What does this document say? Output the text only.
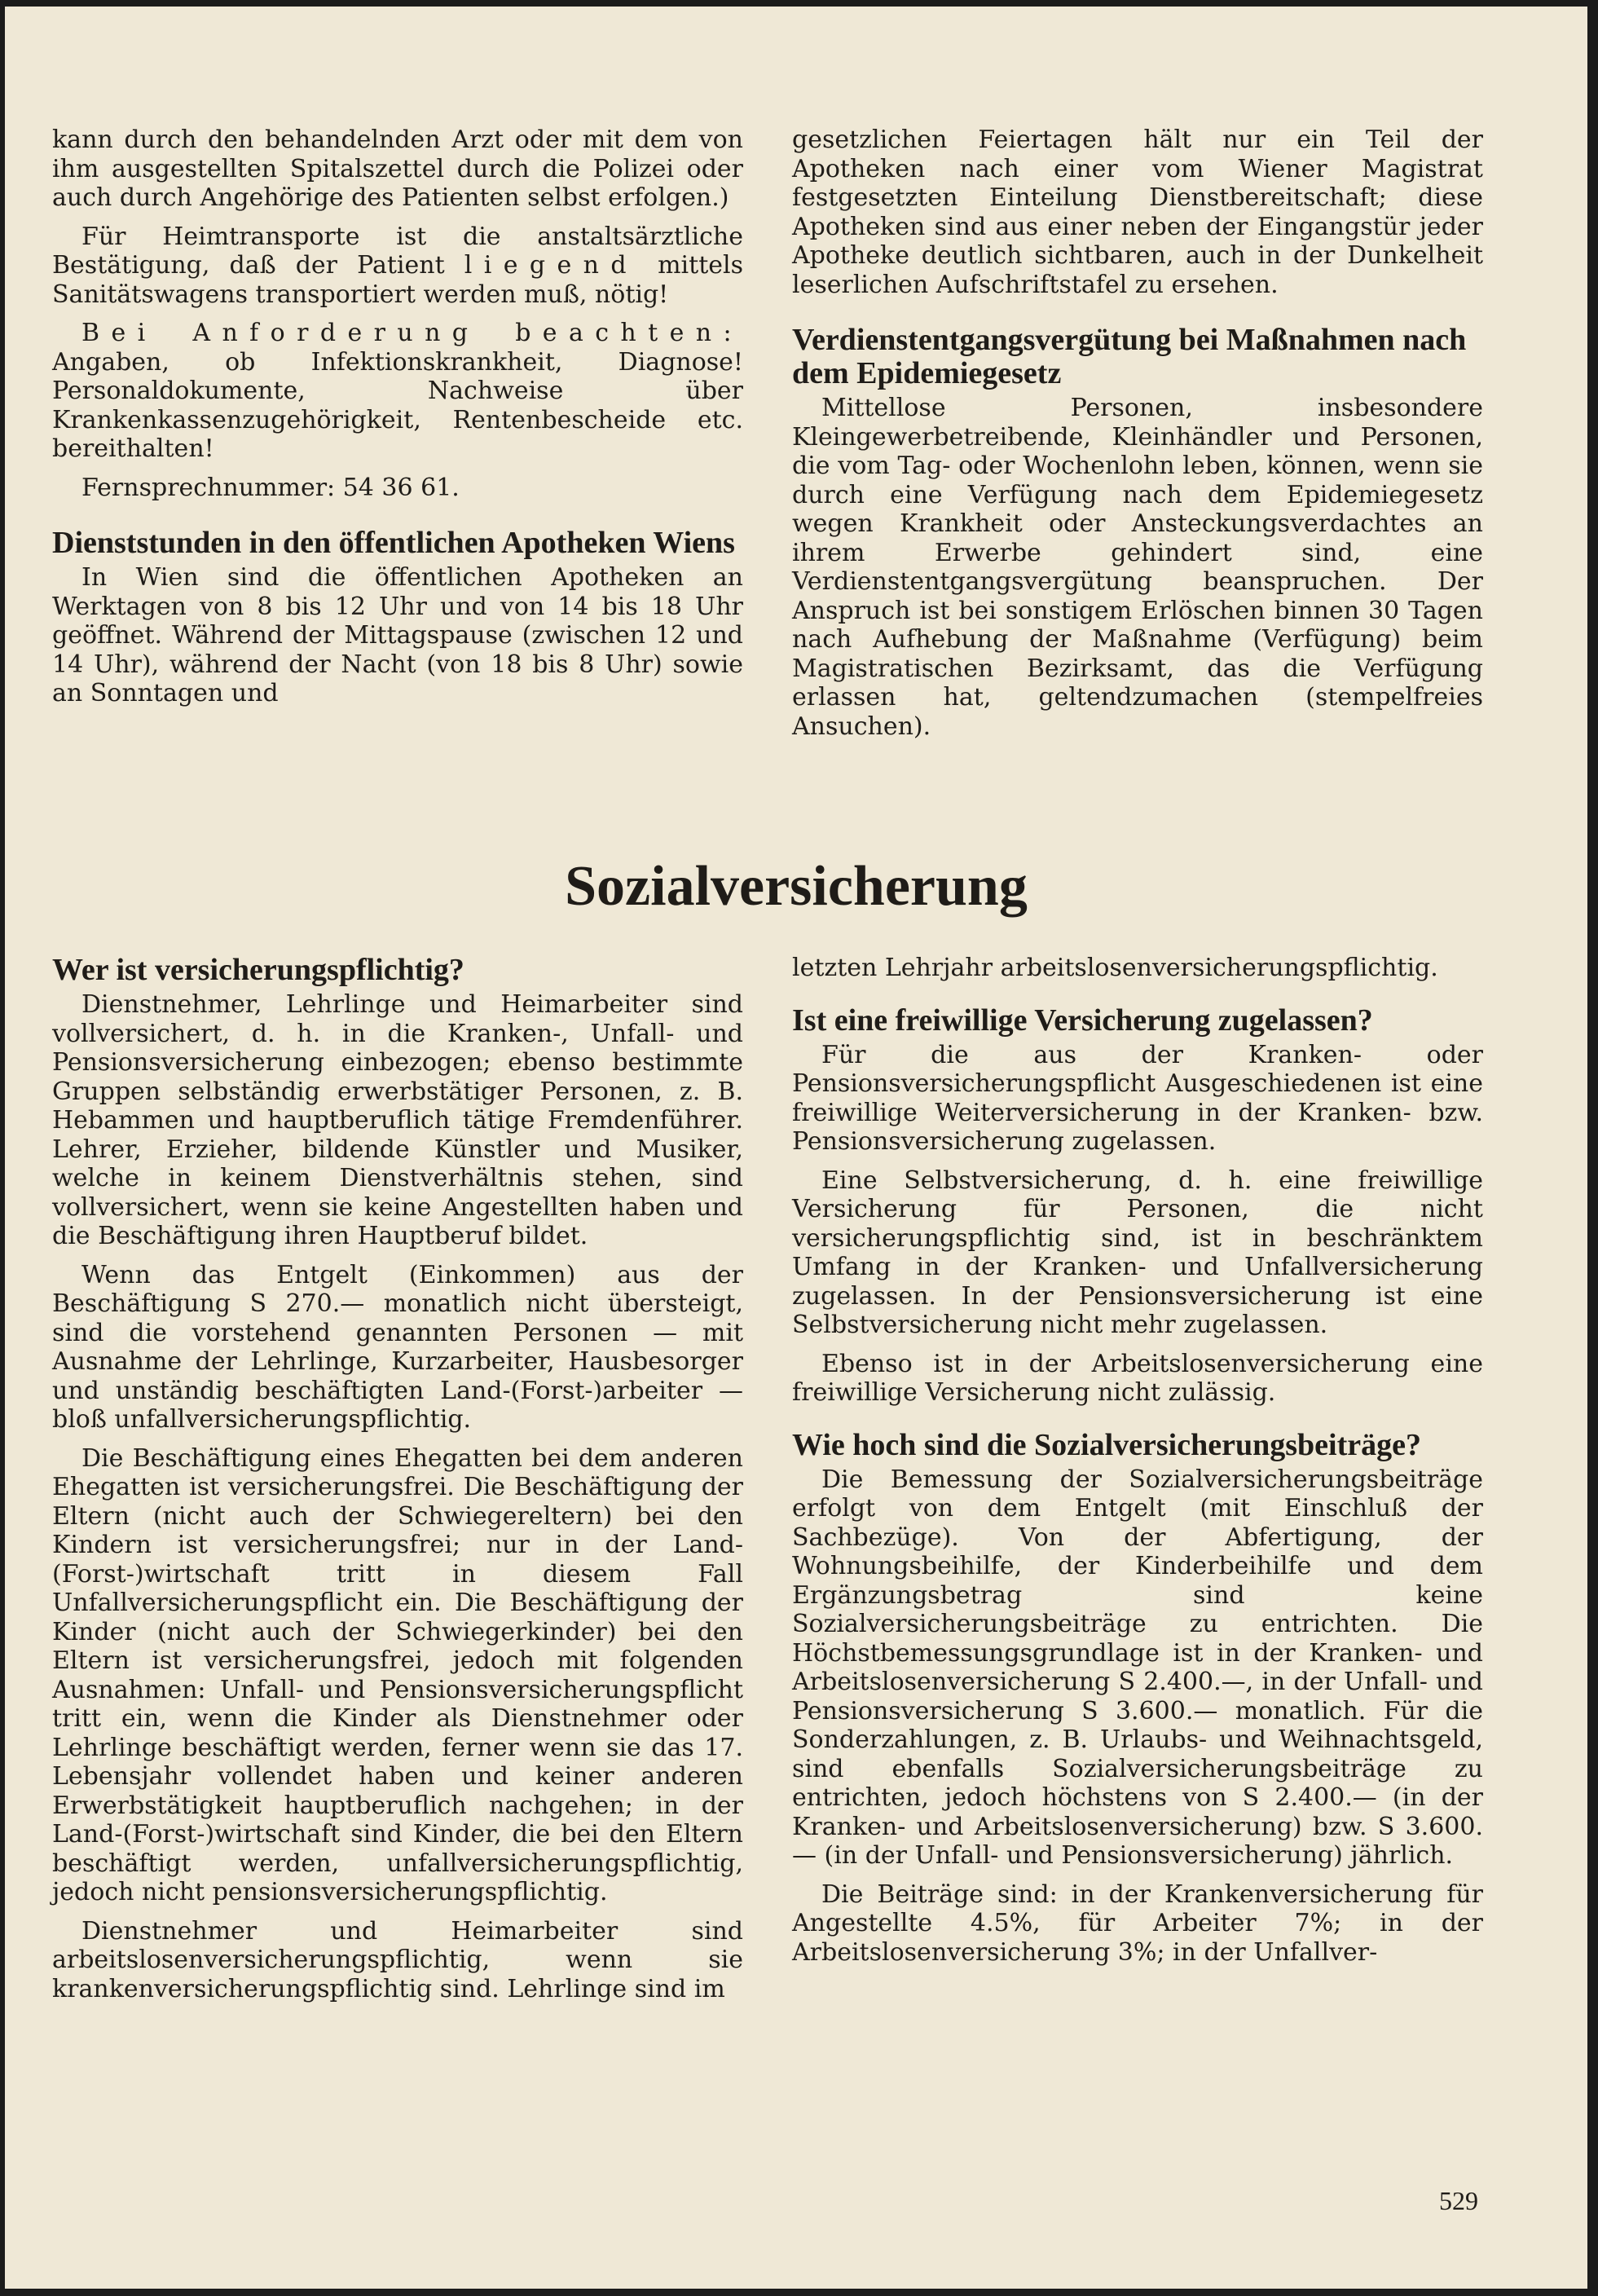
kann durch den behandelnden Arzt oder mit dem von ihm ausgestellten Spitalszettel durch die Polizei oder auch durch Angehörige des Patienten selbst erfolgen.)

Für Heimtransporte ist die anstaltsärztliche Bestätigung, daß der Patient liegend mittels Sanitätswagens transportiert werden muß, nötig!

Bei Anforderung beachten: Angaben, ob Infektionskrankheit, Diagnose! Personaldokumente, Nachweise über Krankenkassenzugehörigkeit, Rentenbescheide etc. bereithalten!

Fernsprechnummer: 54 36 61.

Dienststunden in den öffentlichen Apotheken Wiens

In Wien sind die öffentlichen Apotheken an Werktagen von 8 bis 12 Uhr und von 14 bis 18 Uhr geöffnet. Während der Mittagspause (zwischen 12 und 14 Uhr), während der Nacht (von 18 bis 8 Uhr) sowie an Sonntagen und

gesetzlichen Feiertagen hält nur ein Teil der Apotheken nach einer vom Wiener Magistrat festgesetzten Einteilung Dienstbereitschaft; diese Apotheken sind aus einer neben der Eingangstür jeder Apotheke deutlich sichtbaren, auch in der Dunkelheit leserlichen Aufschriftstafel zu ersehen.

Verdienstentgangsvergütung bei Maßnahmen nach dem Epidemiegesetz

Mittellose Personen, insbesondere Kleingewerbetreibende, Kleinhändler und Personen, die vom Tag- oder Wochenlohn leben, können, wenn sie durch eine Verfügung nach dem Epidemiegesetz wegen Krankheit oder Ansteckungsverdachtes an ihrem Erwerbe gehindert sind, eine Verdienstentgangsvergütung beanspruchen. Der Anspruch ist bei sonstigem Erlöschen binnen 30 Tagen nach Aufhebung der Maßnahme (Verfügung) beim Magistratischen Bezirksamt, das die Verfügung erlassen hat, geltendzumachen (stempelfreies Ansuchen).

Sozialversicherung
Wer ist versicherungspflichtig?

Dienstnehmer, Lehrlinge und Heimarbeiter sind vollversichert, d. h. in die Kranken-, Unfall- und Pensionsversicherung einbezogen; ebenso bestimmte Gruppen selbständig erwerbstätiger Personen, z. B. Hebammen und hauptberuflich tätige Fremdenführer. Lehrer, Erzieher, bildende Künstler und Musiker, welche in keinem Dienstverhältnis stehen, sind vollversichert, wenn sie keine Angestellten haben und die Beschäftigung ihren Hauptberuf bildet.

Wenn das Entgelt (Einkommen) aus der Beschäftigung S 270.— monatlich nicht übersteigt, sind die vorstehend genannten Personen — mit Ausnahme der Lehrlinge, Kurzarbeiter, Hausbesorger und unständig beschäftigten Land-(Forst-)arbeiter — bloß unfallversicherungspflichtig.

Die Beschäftigung eines Ehegatten bei dem anderen Ehegatten ist versicherungsfrei. Die Beschäftigung der Eltern (nicht auch der Schwiegereltern) bei den Kindern ist versicherungsfrei; nur in der Land-(Forst-)wirtschaft tritt in diesem Fall Unfallversicherungspflicht ein. Die Beschäftigung der Kinder (nicht auch der Schwiegerkinder) bei den Eltern ist versicherungsfrei, jedoch mit folgenden Ausnahmen: Unfall- und Pensionsversicherungspflicht tritt ein, wenn die Kinder als Dienstnehmer oder Lehrlinge beschäftigt werden, ferner wenn sie das 17. Lebensjahr vollendet haben und keiner anderen Erwerbstätigkeit hauptberuflich nachgehen; in der Land-(Forst-)wirtschaft sind Kinder, die bei den Eltern beschäftigt werden, unfallversicherungspflichtig, jedoch nicht pensionsversicherungspflichtig.

Dienstnehmer und Heimarbeiter sind arbeitslosenversicherungspflichtig, wenn sie krankenversicherungspflichtig sind. Lehrlinge sind im

letzten Lehrjahr arbeitslosenversicherungspflichtig.

Ist eine freiwillige Versicherung zugelassen?

Für die aus der Kranken- oder Pensionsversicherungspflicht Ausgeschiedenen ist eine freiwillige Weiterversicherung in der Kranken- bzw. Pensionsversicherung zugelassen.

Eine Selbstversicherung, d. h. eine freiwillige Versicherung für Personen, die nicht versicherungspflichtig sind, ist in beschränktem Umfang in der Kranken- und Unfallversicherung zugelassen. In der Pensionsversicherung ist eine Selbstversicherung nicht mehr zugelassen.

Ebenso ist in der Arbeitslosenversicherung eine freiwillige Versicherung nicht zulässig.

Wie hoch sind die Sozialversicherungsbeiträge?

Die Bemessung der Sozialversicherungsbeiträge erfolgt von dem Entgelt (mit Einschluß der Sachbezüge). Von der Abfertigung, der Wohnungsbeihilfe, der Kinderbeihilfe und dem Ergänzungsbetrag sind keine Sozialversicherungsbeiträge zu entrichten. Die Höchstbemessungsgrundlage ist in der Kranken- und Arbeitslosenversicherung S 2.400.—, in der Unfall- und Pensionsversicherung S 3.600.— monatlich. Für die Sonderzahlungen, z. B. Urlaubs- und Weihnachtsgeld, sind ebenfalls Sozialversicherungsbeiträge zu entrichten, jedoch höchstens von S 2.400.— (in der Kranken- und Arbeitslosenversicherung) bzw. S 3.600.— (in der Unfall- und Pensionsversicherung) jährlich.

Die Beiträge sind: in der Krankenversicherung für Angestellte 4.5%, für Arbeiter 7%; in der Arbeitslosenversicherung 3%; in der Unfallver-

529
